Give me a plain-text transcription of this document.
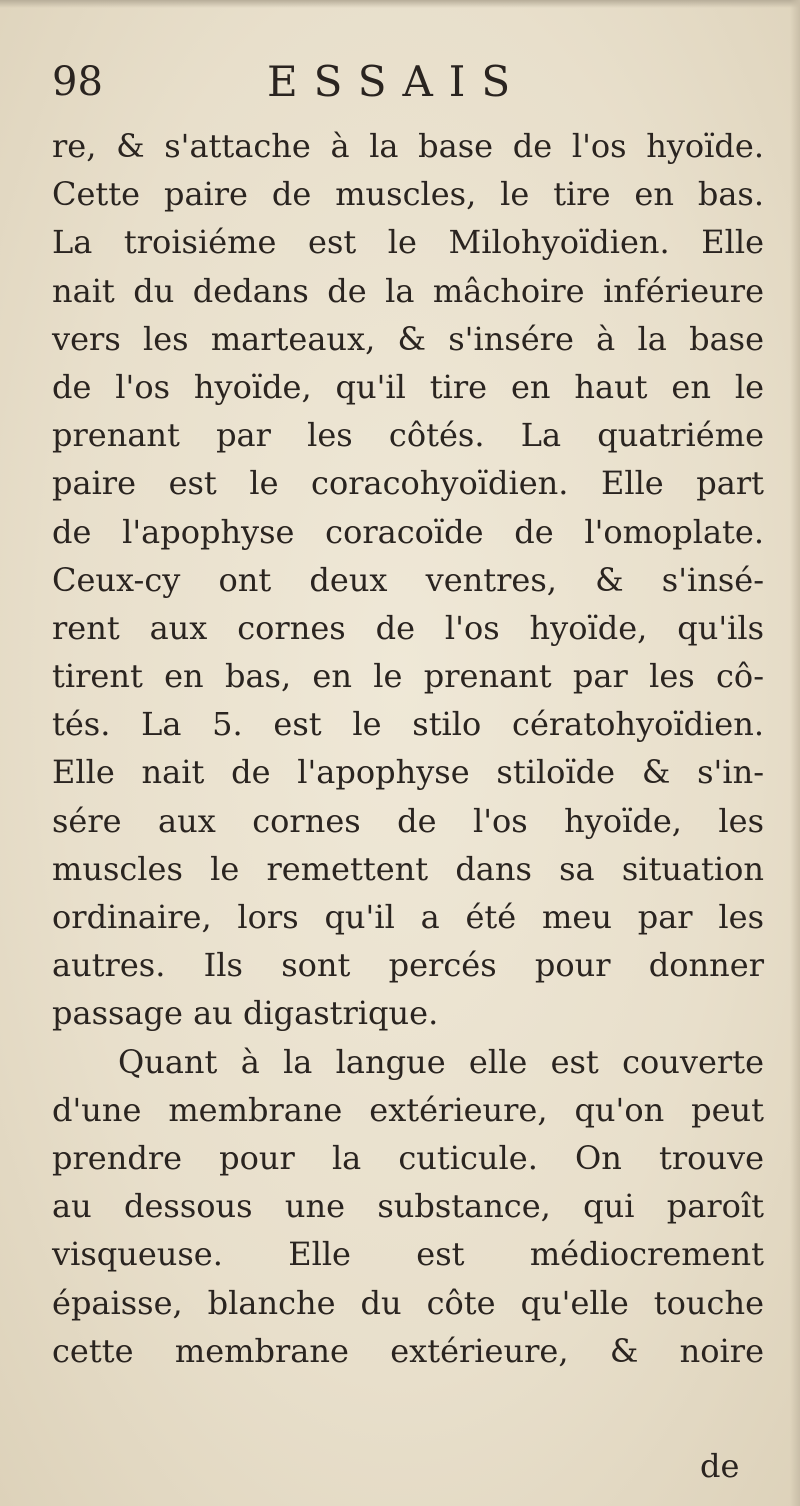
98	ESSAIS
re, & s'attache à la base de l'os hyoïde.
Cette paire de muscles, le tire en bas.
La troisiéme est le Milohyoïdien. Elle
nait du dedans de la mâchoire inférieure
vers les marteaux, & s'insére à la base
de l'os hyoïde, qu'il tire en haut en le
prenant par les côtés. La quatriéme
paire est le coracohyoïdien. Elle part
de l'apophyse coracoïde de l'omoplate.
Ceux-cy ont deux ventres, & s'insé-
rent aux cornes de l'os hyoïde, qu'ils
tirent en bas, en le prenant par les cô-
tés. La 5. est le stilo cératohyoïdien.
Elle nait de l'apophyse stiloïde & s'in-
sére aux cornes de l'os hyoïde, les
muscles le remettent dans sa situation
ordinaire, lors qu'il a été meu par les
autres. Ils sont percés pour donner
passage au digastrique.
Quant à la langue elle est couverte
d'une membrane extérieure, qu'on peut
prendre pour la cuticule. On trouve
au dessous une substance, qui paroît
visqueuse. Elle est médiocrement
épaisse, blanche du côte qu'elle touche
cette membrane extérieure, & noire
de
